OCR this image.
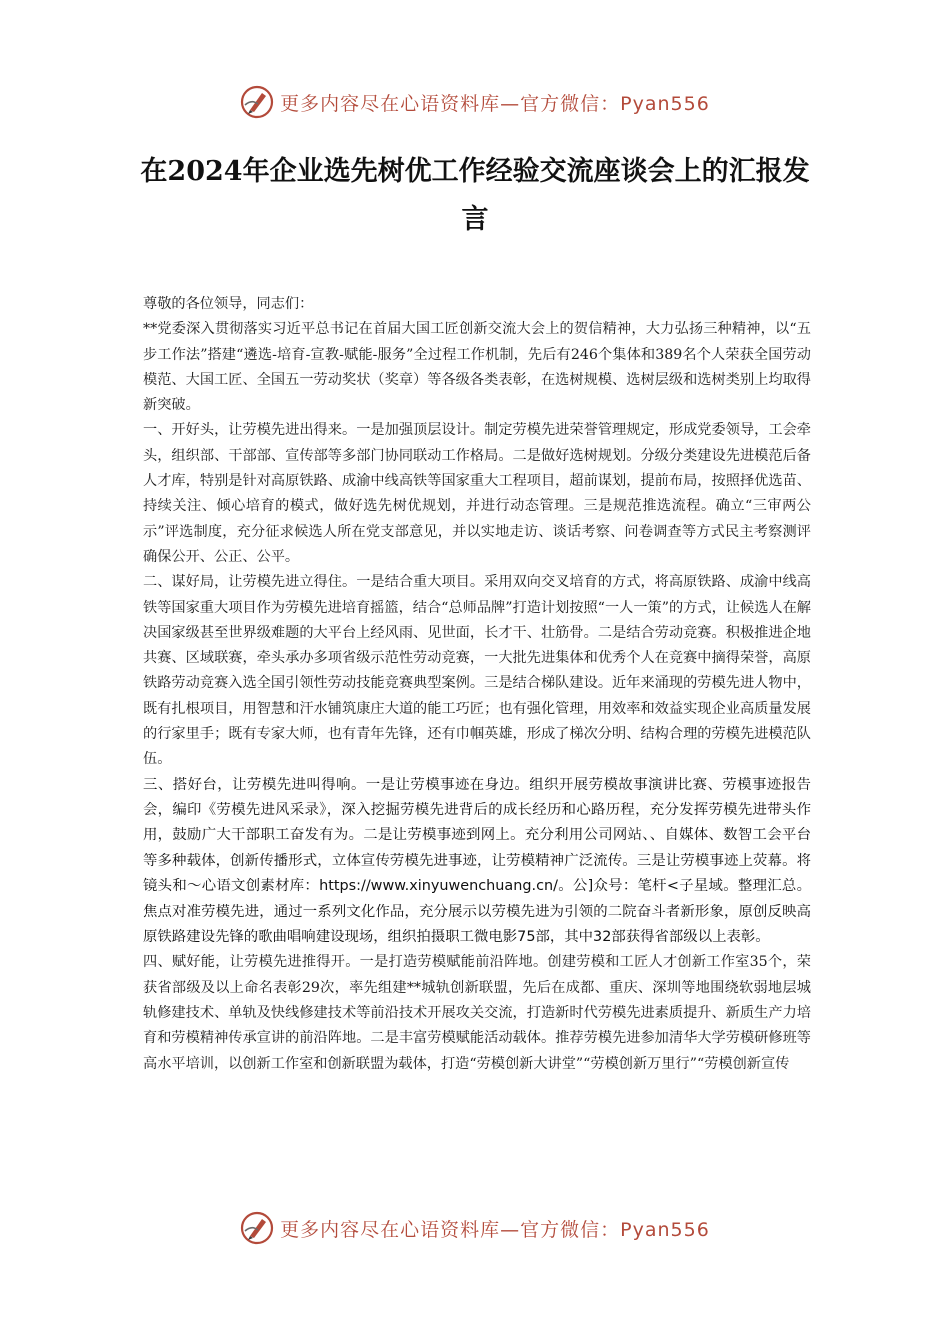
更多内容尽在心语资料库—官方微信：Pyan556
在2024年企业选先树优工作经验交流座谈会上的汇报发言

尊敬的各位领导，同志们：

**党委深入贯彻落实习近平总书记在首届大国工匠创新交流大会上的贺信精神，大力弘扬三种精神，以“五步工作法”搭建“遴选-培育-宣教-赋能-服务”全过程工作机制，先后有246个集体和389名个人荣获全国劳动模范、大国工匠、全国五一劳动奖状（奖章）等各级各类表彰，在选树规模、选树层级和选树类别上均取得新突破。

一、开好头，让劳模先进出得来。一是加强顶层设计。制定劳模先进荣誉管理规定，形成党委领导，工会牵头，组织部、干部部、宣传部等多部门协同联动工作格局。二是做好选树规划。分级分类建设先进模范后备人才库，特别是针对高原铁路、成渝中线高铁等国家重大工程项目，超前谋划，提前布局，按照择优选苗、持续关注、倾心培育的模式，做好选先树优规划，并进行动态管理。三是规范推选流程。确立“三审两公示”评选制度，充分征求候选人所在党支部意见，并以实地走访、谈话考察、问卷调查等方式民主考察测评确保公开、公正、公平。

二、谋好局，让劳模先进立得住。一是结合重大项目。采用双向交叉培育的方式，将高原铁路、成渝中线高铁等国家重大项目作为劳模先进培育摇篮，结合“总师品牌”打造计划按照“一人一策”的方式，让候选人在解决国家级甚至世界级难题的大平台上经风雨、见世面，长才干、壮筋骨。二是结合劳动竞赛。积极推进企地共赛、区域联赛，牵头承办多项省级示范性劳动竞赛，一大批先进集体和优秀个人在竞赛中摘得荣誉，高原铁路劳动竞赛入选全国引领性劳动技能竞赛典型案例。三是结合梯队建设。近年来涌现的劳模先进人物中，既有扎根项目，用智慧和汗水铺筑康庄大道的能工巧匠；也有强化管理，用效率和效益实现企业高质量发展的行家里手；既有专家大师，也有青年先锋，还有巾帼英雄，形成了梯次分明、结构合理的劳模先进模范队伍。

三、搭好台，让劳模先进叫得响。一是让劳模事迹在身边。组织开展劳模故事演讲比赛、劳模事迹报告会，编印《劳模先进风采录》，深入挖掘劳模先进背后的成长经历和心路历程，充分发挥劳模先进带头作用，鼓励广大干部职工奋发有为。二是让劳模事迹到网上。充分利用公司网站、、自媒体、数智工会平台等多种载体，创新传播形式，立体宣传劳模先进事迹，让劳模精神广泛流传。三是让劳模事迹上荧幕。将镜头和～心语文创素材库：https://www.xinyuwenchuang.cn/。公]众号：笔杆<子星域。整理汇总。焦点对准劳模先进，通过一系列文化作品，充分展示以劳模先进为引领的二院奋斗者新形象，原创反映高原铁路建设先锋的歌曲唱响建设现场，组织拍摄职工微电影75部，其中32部获得省部级以上表彰。

四、赋好能，让劳模先进推得开。一是打造劳模赋能前沿阵地。创建劳模和工匠人才创新工作室35个，荣获省部级及以上命名表彰29次，率先组建**城轨创新联盟，先后在成都、重庆、深圳等地围绕软弱地层城轨修建技术、单轨及快线修建技术等前沿技术开展攻关交流，打造新时代劳模先进素质提升、新质生产力培育和劳模精神传承宣讲的前沿阵地。二是丰富劳模赋能活动载体。推荐劳模先进参加清华大学劳模研修班等高水平培训，以创新工作室和创新联盟为载体，打造“劳模创新大讲堂”“劳模创新万里行”“劳模创新宣传

更多内容尽在心语资料库—官方微信：Pyan556
